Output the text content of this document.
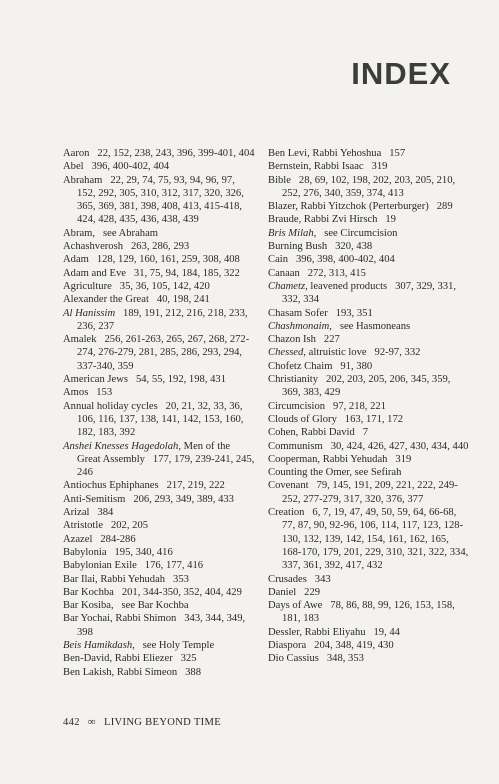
INDEX

Aaron   22, 152, 238, 243, 396, 399-401, 404

Abel   396, 400-402, 404

Abraham   22, 29, 74, 75, 93, 94, 96, 97, 152, 292, 305, 310, 312, 317, 320, 326, 365, 369, 381, 398, 408, 413, 415-418, 424, 428, 435, 436, 438, 439

Abram,   see Abraham

Achashverosh   263, 286, 293

Adam   128, 129, 160, 161, 259, 308, 408

Adam and Eve   31, 75, 94, 184, 185, 322

Agriculture   35, 36, 105, 142, 420

Alexander the Great   40, 198, 241

Al Hanissim   189, 191, 212, 216, 218, 233, 236, 237

Amalek   256, 261-263, 265, 267, 268, 272-274, 276-279, 281, 285, 286, 293, 294, 337-340, 359

American Jews   54, 55, 192, 198, 431

Amos   153

Annual holiday cycles   20, 21, 32, 33, 36, 106, 116, 137, 138, 141, 142, 153, 160, 182, 183, 392

Anshei Knesses Hagedolah, Men of the Great Assembly   177, 179, 239-241, 245, 246

Antiochus Ephiphanes   217, 219, 222

Anti-Semitism   206, 293, 349, 389, 433

Arizal   384

Atristotle   202, 205

Azazel   284-286

Babylonia   195, 340, 416

Babylonian Exile   176, 177, 416

Bar Ilai, Rabbi Yehudah   353

Bar Kochba   201, 344-350, 352, 404, 429

Bar Kosiba,   see Bar Kochba

Bar Yochai, Rabbi Shimon   343, 344, 349, 398

Beis Hamikdash,   see Holy Temple

Ben-David, Rabbi Eliezer   325

Ben Lakish, Rabbi Simeon   388

Ben Levi, Rabbi Yehoshua   157

Bernstein, Rabbi Isaac   319

Bible   28, 69, 102, 198, 202, 203, 205, 210, 252, 276, 340, 359, 374, 413

Blazer, Rabbi Yitzchok (Perterburger)   289

Braude, Rabbi Zvi Hirsch   19

Bris Milah,   see Circumcision

Burning Bush   320, 438

Cain   396, 398, 400-402, 404

Canaan   272, 313, 415

Chametz, leavened products   307, 329, 331, 332, 334

Chasam Sofer   193, 351

Chashmonaim,   see Hasmoneans

Chazon Ish   227

Chessed, altruistic love   92-97, 332

Chofetz Chaim   91, 380

Christianity   202, 203, 205, 206, 345, 359, 369, 383, 429

Circumcision   97, 218, 221

Clouds of Glory   163, 171, 172

Cohen, Rabbi David   7

Communism   30, 424, 426, 427, 430, 434, 440

Cooperman, Rabbi Yehudah   319

Counting the Omer, see Sefirah

Covenant   79, 145, 191, 209, 221, 222, 249-252, 277-279, 317, 320, 376, 377

Creation   6, 7, 19, 47, 49, 50, 59, 64, 66-68, 77, 87, 90, 92-96, 106, 114, 117, 123, 128-130, 132, 139, 142, 154, 161, 162, 165, 168-170, 179, 201, 229, 310, 321, 322, 334, 337, 361, 392, 417, 432

Crusades   343

Daniel   229

Days of Awe   78, 86, 88, 99, 126, 153, 158, 181, 183

Dessler, Rabbi Eliyahu   19, 44

Diaspora   204, 348, 419, 430

Dio Cassius   348, 353

442 ∞ LIVING BEYOND TIME
